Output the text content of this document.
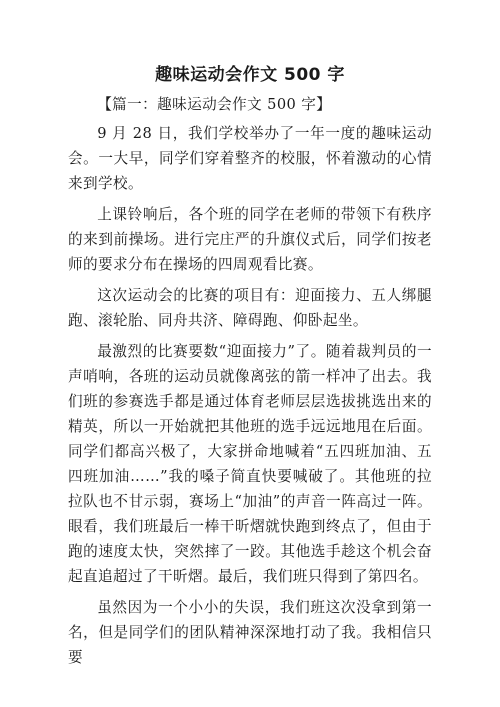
趣味运动会作文 500 字

【篇一：趣味运动会作文 500 字】

9 月 28 日，我们学校举办了一年一度的趣味运动会。一大早，同学们穿着整齐的校服，怀着激动的心情来到学校。

上课铃响后，各个班的同学在老师的带领下有秩序的来到前操场。进行完庄严的升旗仪式后，同学们按老师的要求分布在操场的四周观看比赛。

这次运动会的比赛的项目有：迎面接力、五人绑腿跑、滚轮胎、同舟共济、障碍跑、仰卧起坐。

最激烈的比赛要数“迎面接力”了。随着裁判员的一声哨响，各班的运动员就像离弦的箭一样冲了出去。我们班的参赛选手都是通过体育老师层层选拔挑选出来的精英，所以一开始就把其他班的选手远远地甩在后面。同学们都高兴极了，大家拼命地喊着“五四班加油、五四班加油……”我的嗓子简直快要喊破了。其他班的拉拉队也不甘示弱，赛场上“加油”的声音一阵高过一阵。眼看，我们班最后一棒干昕熠就快跑到终点了，但由于跑的速度太快，突然摔了一跤。其他选手趁这个机会奋起直追超过了干昕熠。最后，我们班只得到了第四名。

虽然因为一个小小的失误，我们班这次没拿到第一名，但是同学们的团队精神深深地打动了我。我相信只要
